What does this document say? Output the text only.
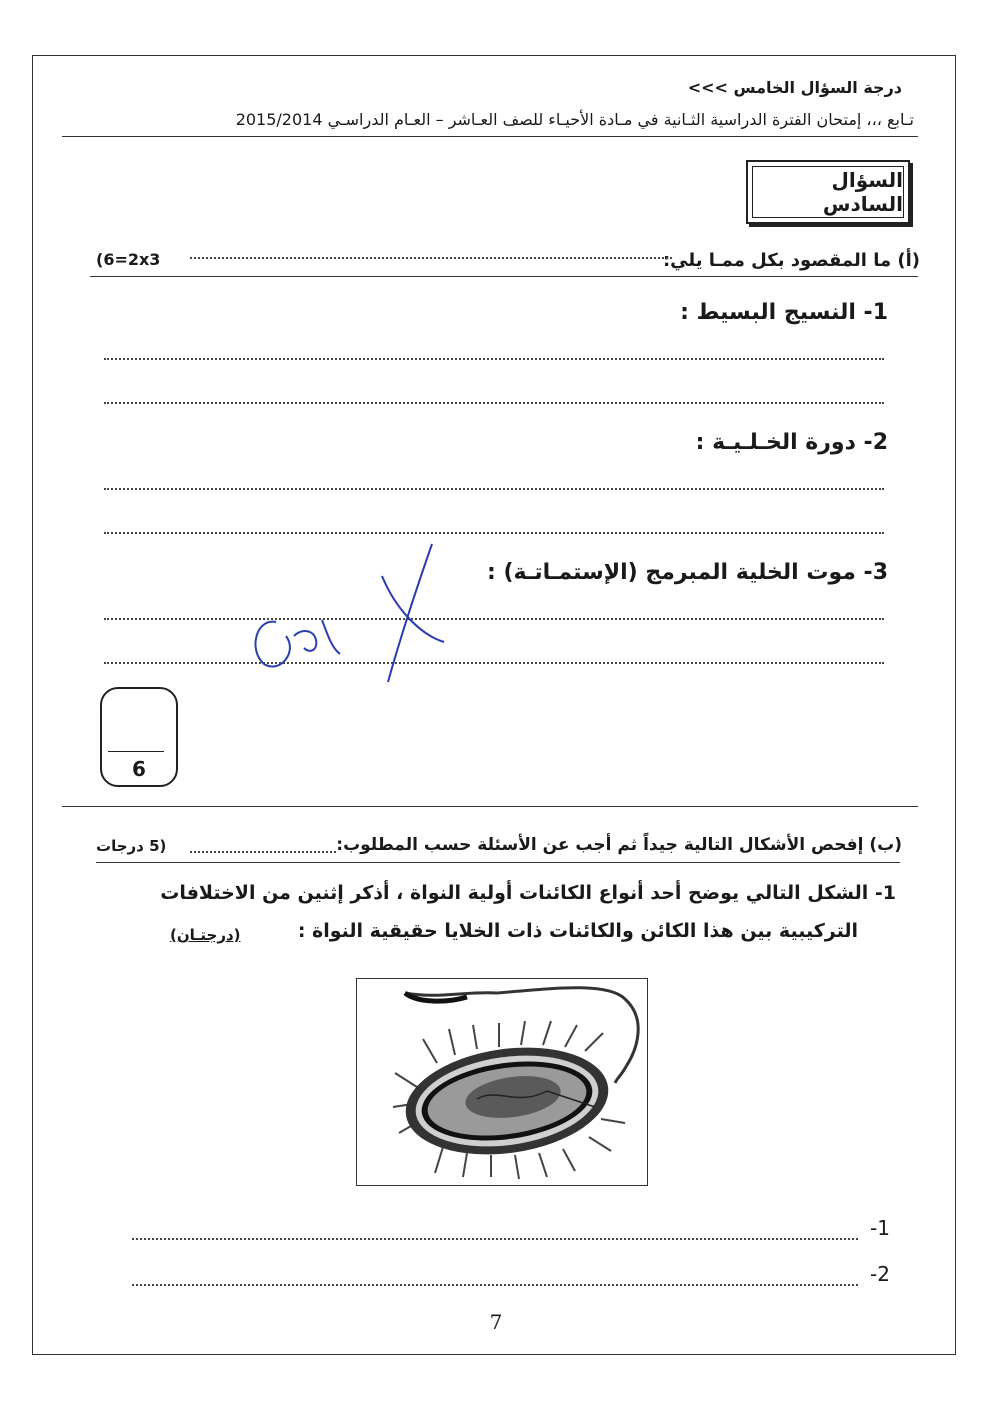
درجة السؤال الخامس >>>
تـابع ،،، إمتحان الفترة الدراسية الثـانية في مـادة الأحيـاء للصف العـاشر – العـام الدراسـي 2015/2014
السؤال السادس
(أ) ما المقصود بكل ممـا يلي:
(6=2x3
1- النسيج البسيط :
2- دورة الخـلـيـة :
3- موت الخلية المبرمج (الإستمـاتـة) :
6
(ب) إفحص الأشكال التالية جيداً ثم أجب عن الأسئلة حسب المطلوب:
(5 درجات
1- الشكل التالي يوضح أحد أنواع الكائنات أولية النواة ، أذكر إثنين من الاختلافات
التركيبية بين هذا الكائن والكائنات ذات الخلايا حقيقية النواة :
(درجتـان)
1-
2-
7
